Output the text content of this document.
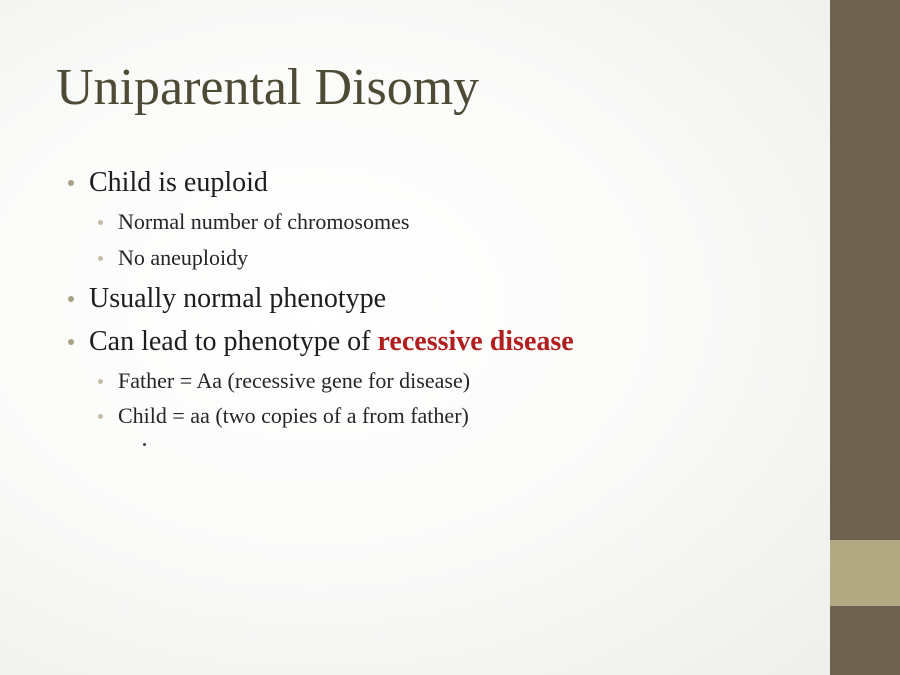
Uniparental Disomy
Child is euploid
Normal number of chromosomes
No aneuploidy
Usually normal phenotype
Can lead to phenotype of recessive disease
Father = Aa (recessive gene for disease)
Child = aa (two copies of a from father)
